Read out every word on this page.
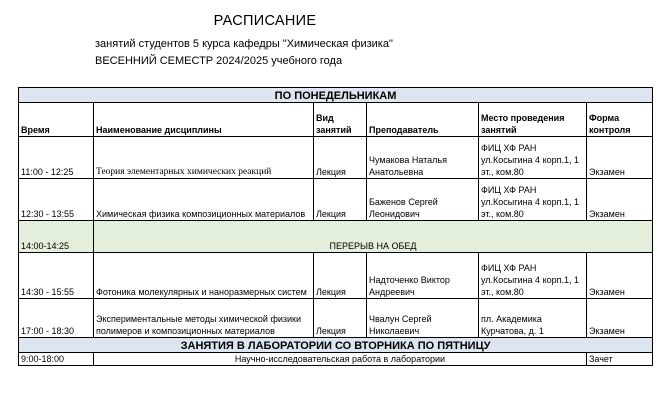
РАСПИСАНИЕ
занятий студентов 5 курса кафедры "Химическая физика"
ВЕСЕННИЙ СЕМЕСТР 2024/2025 учебного года
ПО ПОНЕДЕЛЬНИКАМ					
Время	Наименование дисциплины	Вид занятий	Преподаватель	Место проведения занятий	Форма контроля
11:00 - 12:25	Теория элементарных химических реакций	Лекция	Чумакова Наталья Анатольевна	ФИЦ ХФ РАН ул.Косыгина 4 корп.1, 1 эт., ком.80	Экзамен
12:30 - 13:55	Химическая физика композиционных материалов	Лекция	Баженов Сергей Леонидович	ФИЦ ХФ РАН ул.Косыгина 4 корп.1, 1 эт., ком.80	Экзамен
14:00-14:25	ПЕРЕРЫВ НА ОБЕД				
14:30 - 15:55	Фотоника молекулярных и наноразмерных систем	Лекция	Надточенко Виктор Андреевич	ФИЦ ХФ РАН ул.Косыгина 4 корп.1, 1 эт., ком.80	Экзамен
17:00 - 18:30	Экспериментальные методы химической физики полимеров и композиционных материалов	Лекция	Чвалун Сергей Николаевич	пл. Академика Курчатова, д. 1	Экзамен
ЗАНЯТИЯ В ЛАБОРАТОРИИ СО ВТОРНИКА ПО ПЯТНИЦУ					
9:00-18:00	Научно-исследовательская работа в лаборатории				Зачет
